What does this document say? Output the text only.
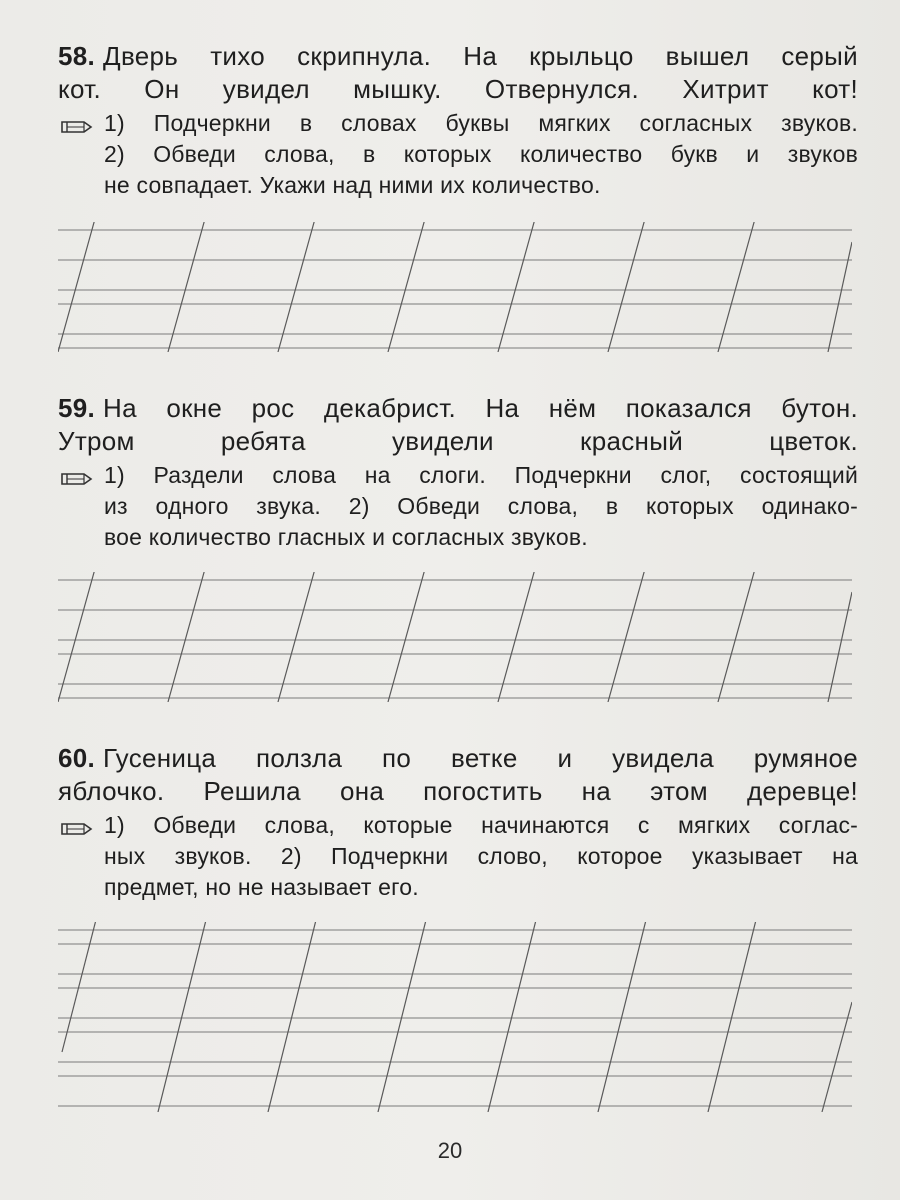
58. Дверь тихо скрипнула. На крыльцо вышел серый
кот. Он увидел мышку. Отвернулся. Хитрит кот!

1) Подчеркни в словах буквы мягких согласных звуков.
2) Обведи слова, в которых количество букв и звуков
не совпадает. Укажи над ними их количество.

59. На окне рос декабрист. На нём показался бутон.
Утром ребята увидели красный цветок.

1) Раздели слова на слоги. Подчеркни слог, состоящий
из одного звука. 2) Обведи слова, в которых одинако-
вое количество гласных и согласных звуков.

60. Гусеница ползла по ветке и увидела румяное
яблочко. Решила она погостить на этом деревце!

1) Обведи слова, которые начинаются с мягких соглас-
ных звуков. 2) Подчеркни слово, которое указывает на
предмет, но не называет его.

20
